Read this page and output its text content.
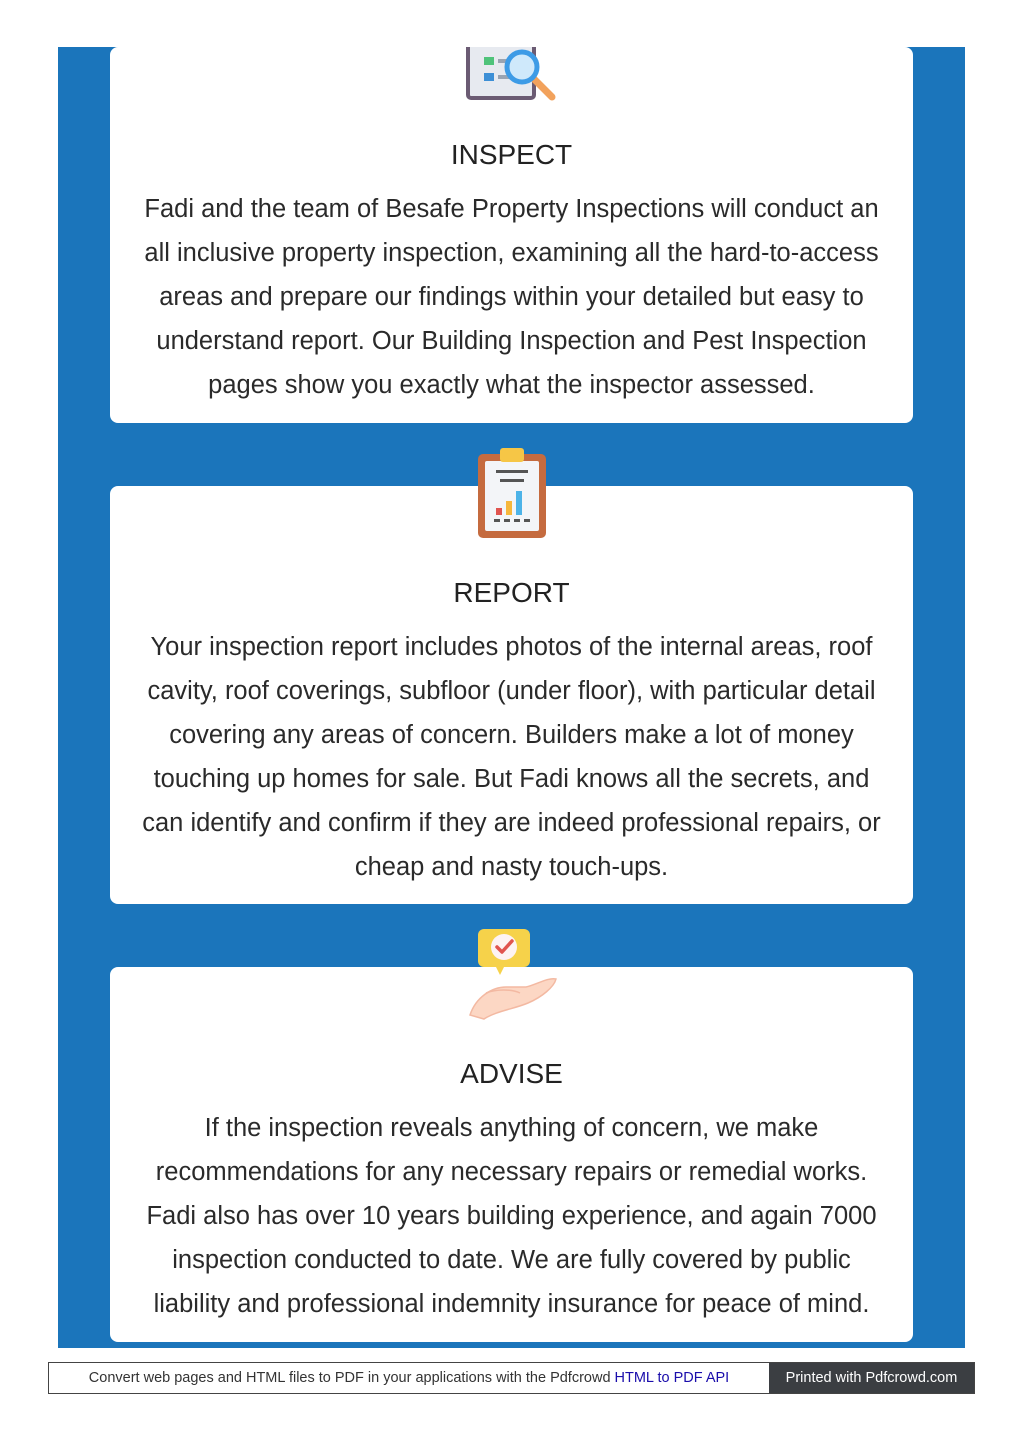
INSPECT

Fadi and the team of Besafe Property Inspections will conduct an all inclusive property inspection, examining all the hard-to-access areas and prepare our findings within your detailed but easy to understand report. Our Building Inspection and Pest Inspection pages show you exactly what the inspector assessed.

REPORT

Your inspection report includes photos of the internal areas, roof cavity, roof coverings, subfloor (under floor), with particular detail covering any areas of concern. Builders make a lot of money touching up homes for sale. But Fadi knows all the secrets, and can identify and confirm if they are indeed professional repairs, or cheap and nasty touch-ups.

ADVISE

If the inspection reveals anything of concern, we make recommendations for any necessary repairs or remedial works. Fadi also has over 10 years building experience, and again 7000 inspection conducted to date. We are fully covered by public liability and professional indemnity insurance for peace of mind.

Convert web pages and HTML files to PDF in your applications with the Pdfcrowd HTML to PDF API	Printed with Pdfcrowd.com
